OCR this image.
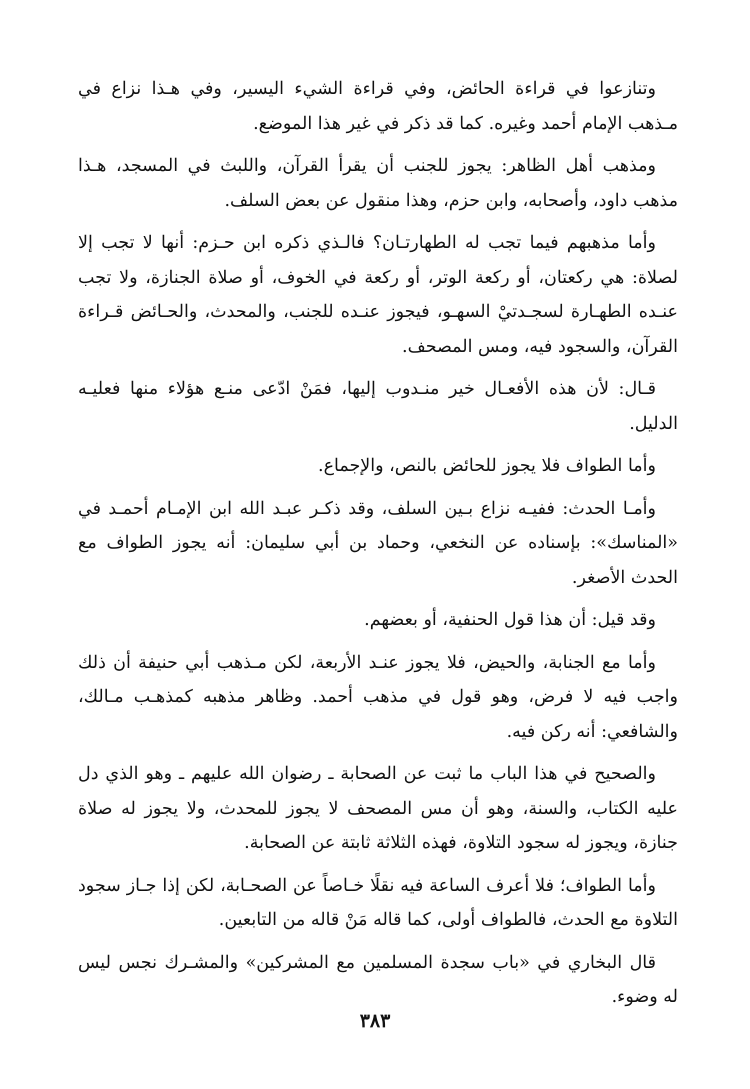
وتنازعوا في قراءة الحائض، وفي قراءة الشيء اليسير، وفي هـذا نزاع في مـذهب الإمام أحمد وغيره. كما قد ذكر في غير هذا الموضع.

ومذهب أهل الظاهر: يجوز للجنب أن يقرأ القرآن، واللبث في المسجد، هـذا مذهب داود، وأصحابه، وابن حزم، وهذا منقول عن بعض السلف.

وأما مذهبهم فيما تجب له الطهارتـان؟ فالـذي ذكره ابن حـزم: أنها لا تجب إلا لصلاة: هي ركعتان، أو ركعة الوتر، أو ركعة في الخوف، أو صلاة الجنازة، ولا تجب عنـده الطهـارة لسجـدتيْ السهـو، فيجوز عنـده للجنب، والمحدث، والحـائض قـراءة القرآن، والسجود فيه، ومس المصحف.

قـال: لأن هذه الأفعـال خير منـدوب إليها، فمَنْ ادّعى منـع هؤلاء منها فعليـه الدليل.

وأما الطواف فلا يجوز للحائض بالنص، والإجماع.

وأمـا الحدث: ففيـه نزاع بـين السلف، وقد ذكـر عبـد الله ابن الإمـام أحمـد في «المناسك»: بإسناده عن النخعي، وحماد بن أبي سليمان: أنه يجوز الطواف مع الحدث الأصغر.

وقد قيل: أن هذا قول الحنفية، أو بعضهم.

وأما مع الجنابة، والحيض، فلا يجوز عنـد الأربعة، لكن مـذهب أبي حنيفة أن ذلك واجب فيه لا فرض، وهو قول في مذهب أحمد. وظاهر مذهبه كمذهـب مـالك، والشافعي: أنه ركن فيه.

والصحيح في هذا الباب ما ثبت عن الصحابة ـ رضوان الله عليهم ـ وهو الذي دل عليه الكتاب، والسنة، وهو أن مس المصحف لا يجوز للمحدث، ولا يجوز له صلاة جنازة، ويجوز له سجود التلاوة، فهذه الثلاثة ثابتة عن الصحابة.

وأما الطواف؛ فلا أعرف الساعة فيه نقلًا خـاصاً عن الصحـابة، لكن إذا جـاز سجود التلاوة مع الحدث، فالطواف أولى، كما قاله مَنْ قاله من التابعين.

قال البخاري في «باب سجدة المسلمين مع المشركين» والمشـرك نجس ليس له وضوء.

٣٨٣
